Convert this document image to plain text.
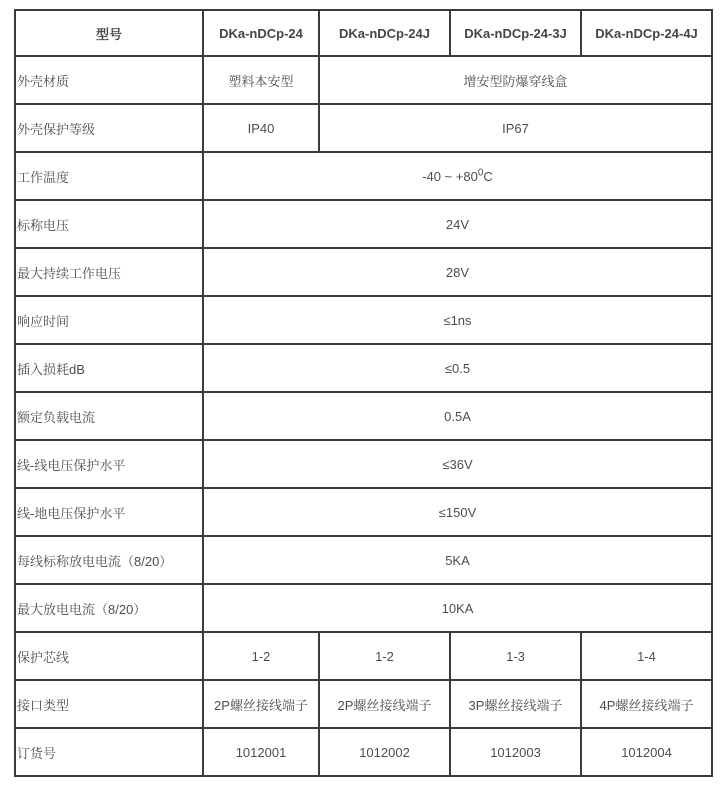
型号	DKa-nDCp-24	DKa-nDCp-24J	DKa-nDCp-24-3J	DKa-nDCp-24-4J
外壳材质	塑料本安型	增安型防爆穿线盒		
外壳保护等级	IP40	IP67		
工作温度	-40 ~ $+80^0C$			
标称电压	24V			
最大持续工作电压	28V			
响应时间	≤1ns			
插入损耗dB	≤0.5			
额定负载电流	0.5A			
线-线电压保护水平	≤36V			
线-地电压保护水平	≤150V			
每线标称放电电流（8/20）	5KA			
最大放电电流（8/20）	10KA			
保护芯线	1-2	1-2	1-3	1-4
接口类型	2P螺丝接线端子	2P螺丝接线端子	3P螺丝接线端子	4P螺丝接线端子
订货号	1012001	1012002	1012003	1012004
